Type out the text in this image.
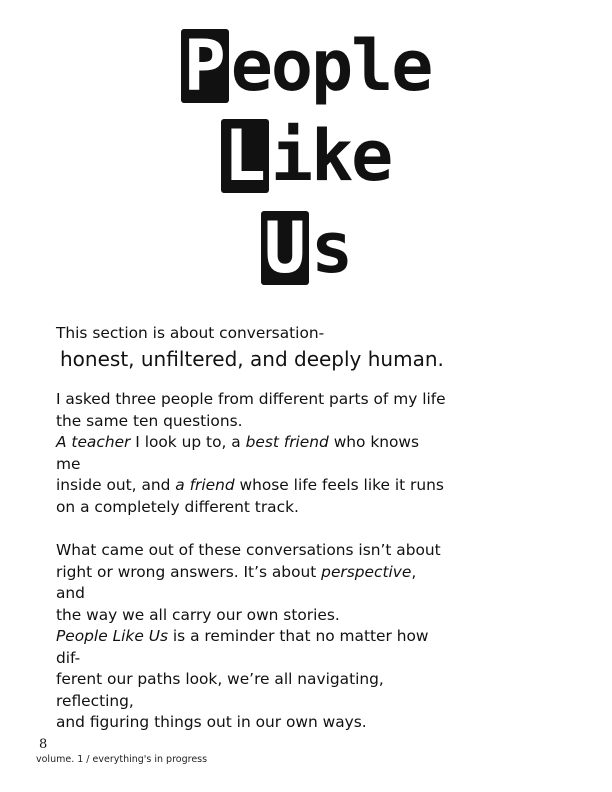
P eople
L ike
U s

This section is about conversation-

honest, unfiltered, and deeply human.

I asked three people from different parts of my life
the same ten questions.
A teacher I look up to, a best friend who knows me
inside out, and a friend whose life feels like it runs
on a completely different track.
What came out of these conversations isn’t about
right or wrong answers. It’s about perspective, and
the way we all carry our own stories.
People Like Us is a reminder that no matter how dif-
ferent our paths look, we’re all navigating, reflecting,
and figuring things out in our own ways.
8
volume. 1 / everything's in progress
